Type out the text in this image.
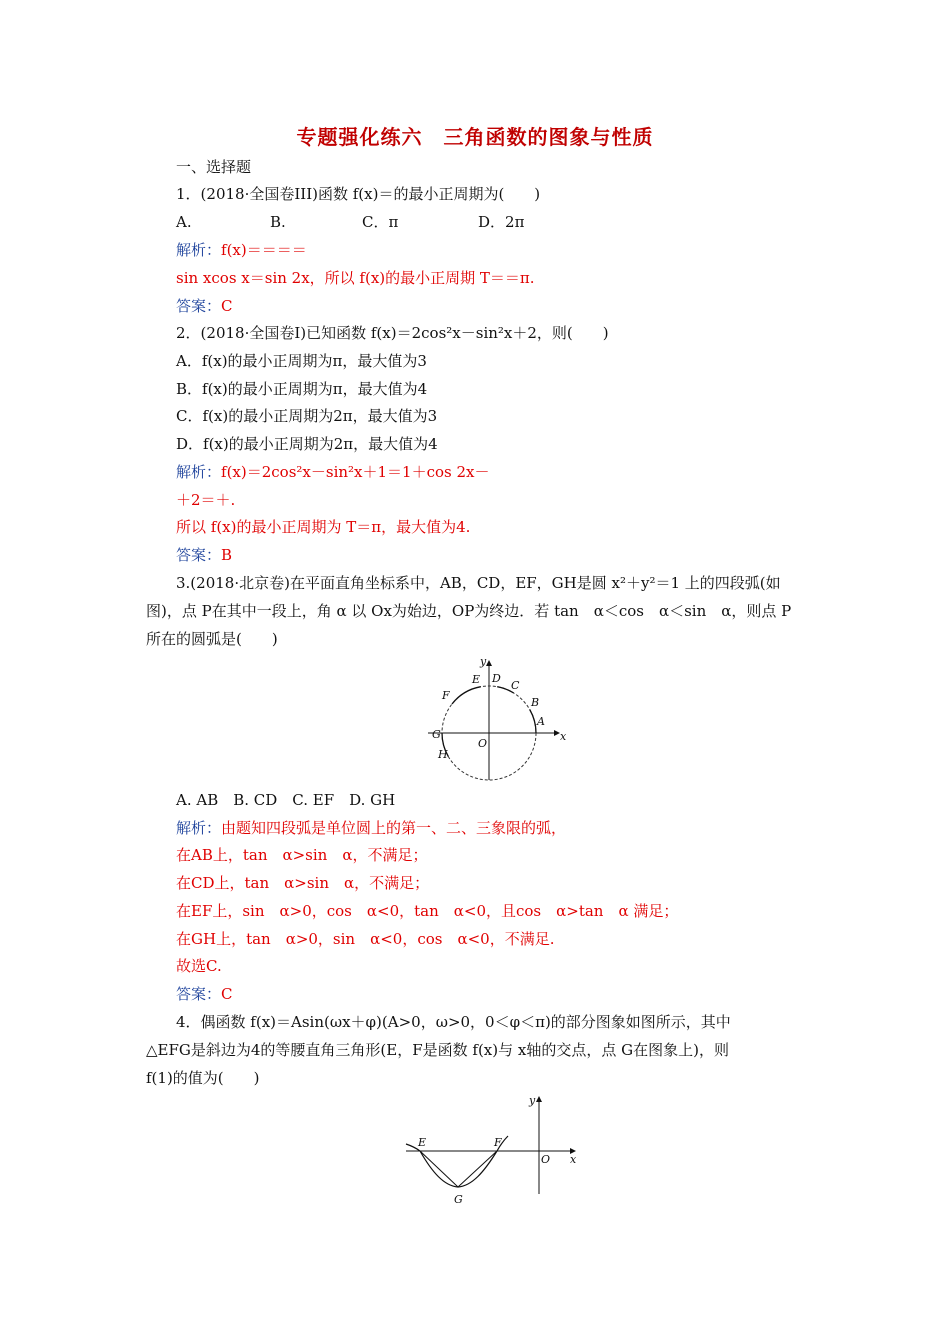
专题强化练六　三角函数的图象与性质
一、选择题
1．(2018·全国卷III)函数 f(x)＝的最小正周期为(　　)
A.	B.	C．π	D．2π
解析：f(x)＝＝＝＝
sin xcos x＝sin 2x，所以 f(x)的最小正周期 T＝＝π.
答案：C
2．(2018·全国卷Ⅰ)已知函数 f(x)＝2cos²x－sin²x＋2，则(　　)
A．f(x)的最小正周期为π，最大值为3
B．f(x)的最小正周期为π，最大值为4
C．f(x)的最小正周期为2π，最大值为3
D．f(x)的最小正周期为2π，最大值为4
解析：f(x)＝2cos²x－sin²x＋1＝1＋cos 2x－
＋2＝＋.
所以 f(x)的最小正周期为 T＝π，最大值为4.
答案：B
3.(2018·北京卷)在平面直角坐标系中，AB，CD，EF，GH是圆 x²＋y²＝1 上的四段弧(如
图)，点 P在其中一段上，角 α 以 Ox为始边，OP为终边．若 tan　α＜cos　α＜sin　α，则点 P
所在的圆弧是(　　)
y
x
O
A
B
C
D
E
F
G
H
A. AB　B. CD　C. EF　D. GH
解析：由题知四段弧是单位圆上的第一、二、三象限的弧，
在AB上，tan　α>sin　α，不满足；
在CD上，tan　α>sin　α，不满足；
在EF上，sin　α>0，cos　α<0，tan　α<0，且cos　α>tan　α 满足；
在GH上，tan　α>0，sin　α<0，cos　α<0，不满足.
故选C.
答案：C
4．偶函数 f(x)＝Asin(ωx＋φ)(A>0，ω>0，0＜φ＜π)的部分图象如图所示，其中
△EFG是斜边为4的等腰直角三角形(E，F是函数 f(x)与 x轴的交点，点 G在图象上)，则
f(1)的值为(　　)
y
x
O
E	F
G
